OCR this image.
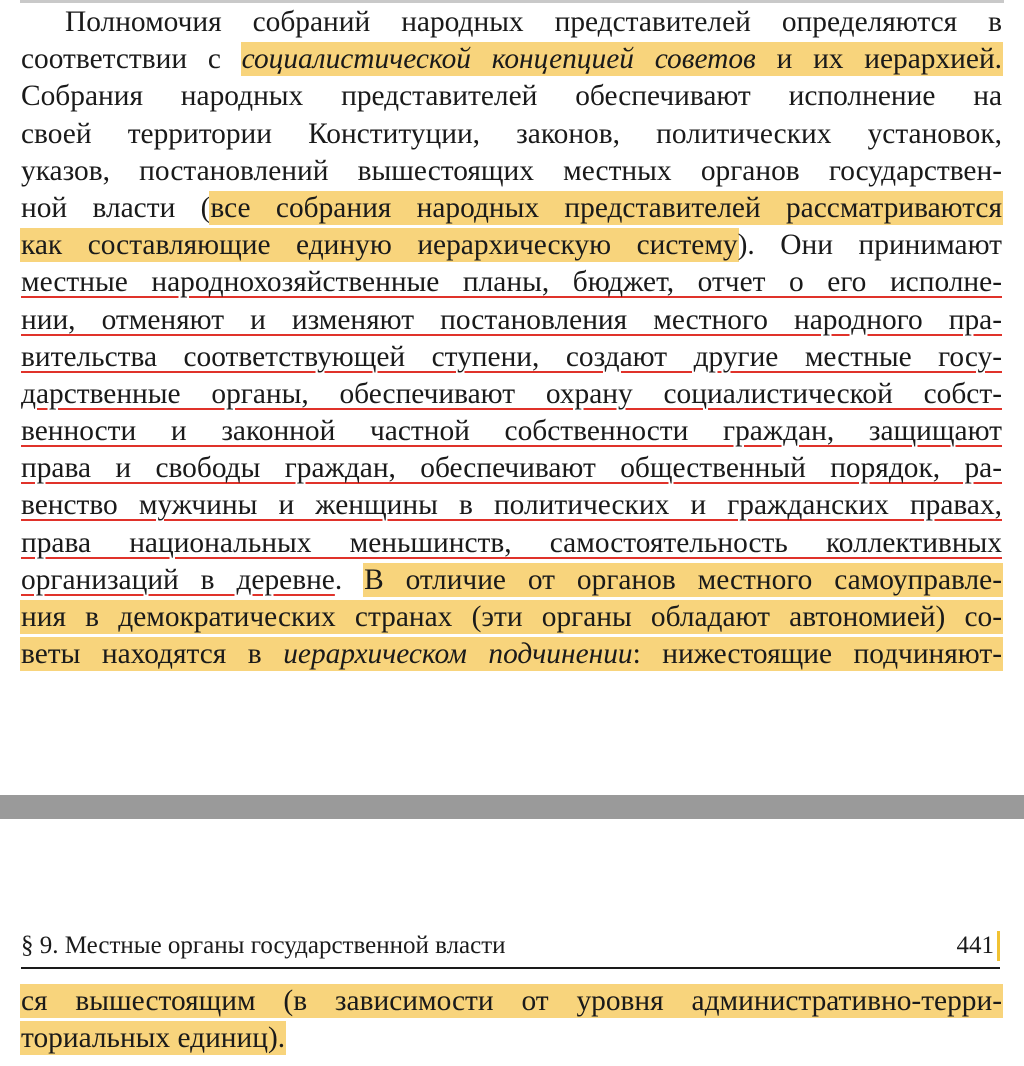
Полномочия собраний народных представителей определяются в
соответствии с социалистической концепцией советов и их иерархией.
Собрания народных представителей обеспечивают исполнение на
своей территории Конституции, законов, политических установок,
указов, постановлений вышестоящих местных органов государствен-
ной власти (все собрания народных представителей рассматриваются
как составляющие единую иерархическую систему). Они принимают
местные народнохозяйственные планы, бюджет, отчет о его исполне-
нии, отменяют и изменяют постановления местного народного пра-
вительства соответствующей ступени, создают другие местные госу-
дарственные органы, обеспечивают охрану социалистической собст-
венности и законной частной собственности граждан, защищают
права и свободы граждан, обеспечивают общественный порядок, ра-
венство мужчины и женщины в политических и гражданских правах,
права национальных меньшинств, самостоятельность коллективных
организаций в деревне. В отличие от органов местного самоуправле-
ния в демократических странах (эти органы обладают автономией) со-
веты находятся в иерархическом подчинении: нижестоящие подчиняют-
§ 9. Местные органы государственной власти	441
ся вышестоящим (в зависимости от уровня административно-терри-
ториальных единиц).
